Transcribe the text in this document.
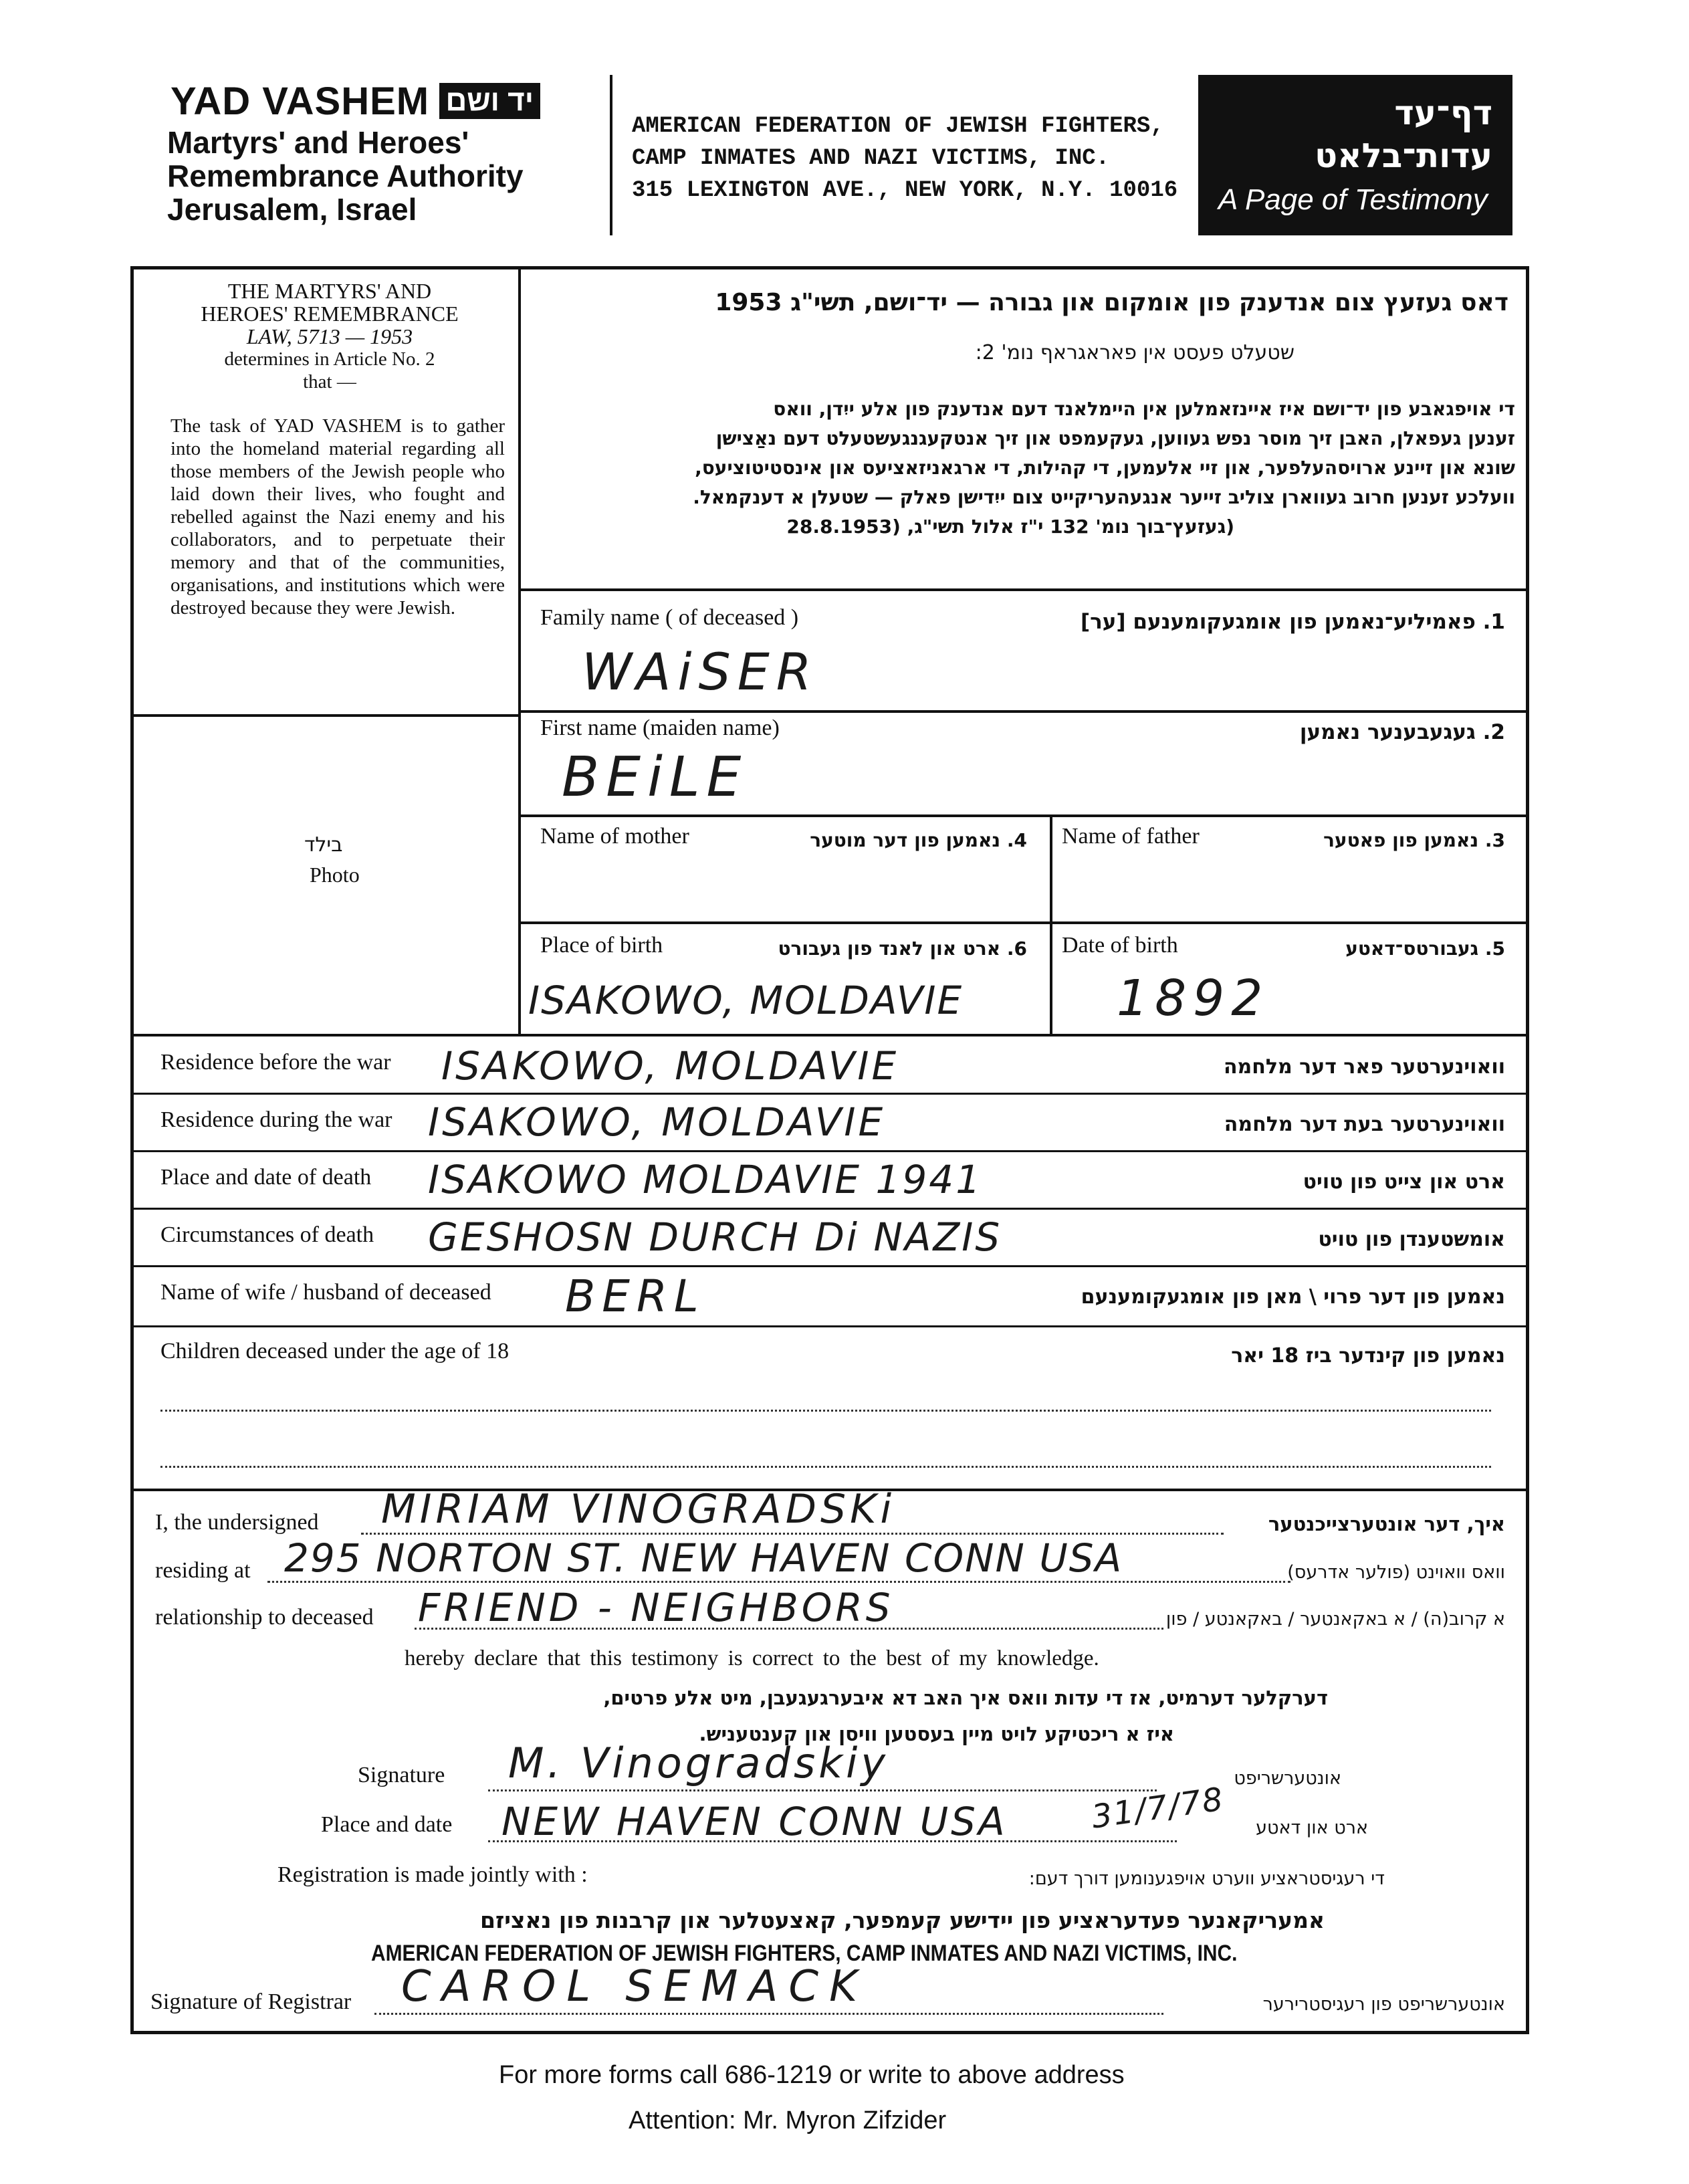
YAD VASHEM יד ושם
Martyrs' and Heroes'
Remembrance Authority
Jerusalem, Israel
AMERICAN FEDERATION OF JEWISH FIGHTERS,
CAMP INMATES AND NAZI VICTIMS, INC.
315 LEXINGTON AVE., NEW YORK, N.Y. 10016
דף־עד
עדות־בלאט
A Page of Testimony
THE MARTYRS' AND
HEROES' REMEMBRANCE
LAW, 5713 — 1953
determines in Article No. 2
that —
The task of YAD VASHEM is to gather into the homeland material regarding all those members of the Jewish people who laid down their lives, who fought and rebelled against the Nazi enemy and his collaborators, and to perpetuate their memory and that of the communities, organisations, and institutions which were destroyed because they were Jewish.
בילד
Photo
דאס געזעץ צום אנדענק פון אומקום און גבורה — יד־ושם, תשי"ג 1953
שטעלט פעסט אין פאראגראף נומ' 2:
די אויפגאבע פון יד־ושם איז איינזאמלען אין היימלאנד דעם אנדענק פון אלע ייִדן, וואס
זענען געפאלן, האבן זיך מוסר נפש געווען, געקעמפט און זיך אנטקעגנגעשטעלט דעם נאַצישן
שונא און זיינע ארויסהעלפער, און זיי אלעמען, די קהילות, די ארגאניזאציעס און אינסטיטוציעס,
וועלכע זענען חרוב געווארן צוליב זייער אנגעהעריקייט צום ייִדישן פאלק — שטעלן א דענקמאל.
(געזעץ־בוך נומ' 132 י"ז אלול תשי"ג, (28.8.1953
Family name ( of deceased )	1. פאמיליע־נאמען פון אומגעקומענעם [ער]
WAiSER
First name (maiden name)	2. געגעבענער נאמען
BEiLE
Name of mother	4. נאמען פון דער מוטער Name of father	3. נאמען פון פאטער
Place of birth	6. ארט און לאנד פון געבורט
ISAKOWO, MOLDAVIE
Date of birth	5. געבורטס־דאטע
1892
Residence before the war	וואוינערטער פאר דער מלחמה
ISAKOWO, MOLDAVIE
Residence during the war	וואוינערטער בעת דער מלחמה
ISAKOWO, MOLDAVIE
Place and date of death	ארט און צייט פון טויט
ISAKOWO MOLDAVIE 1941
Circumstances of death	אומשטענדן פון טויט
GESHOSN DURCH Di NAZIS
Name of wife / husband of deceased	נאמען פון דער פרוי \ מאן פון אומגעקומענעם
BERL
Children deceased under the age of 18	נאמען פון קינדער ביז 18 יאר
I, the undersigned	איך, דער אונטערצייכנטער
MIRIAM VINOGRADSKi
residing at	וואס וואוינט (פולער אדרעס)
295 NORTON ST. NEW HAVEN CONN USA
relationship to deceased	א קרוב(ה) / א באקאנטער / באקאנטע / פון
FRIEND - NEIGHBORS
hereby declare that this testimony is correct to the best of my knowledge.
דערקלער דערמיט, אז די עדות וואס איך האב דא איבערגעגעבן, מיט אלע פרטים,
איז א ריכטיקע לויט מיין בעסטען וויסן און קענטעניש.
Signature	אונטערשריפט
M. Vinogradskiy
Place and date	ארט און דאטע
NEW HAVEN CONN USA	31/7/78
Registration is made jointly with :	די רעגיסטראציע ווערט אויפגענומען דורך דעם:
אמעריקאנער פעדעראציע פון יידישע קעמפער, קאצעטלער און קרבנות פון נאציזם
AMERICAN FEDERATION OF JEWISH FIGHTERS, CAMP INMATES AND NAZI VICTIMS, INC.
Signature of Registrar	אונטערשריפט פון רעגיסטרירער
CAROL SEMACK
For more forms call 686-1219 or write to above address
Attention: Mr. Myron Zifzider
